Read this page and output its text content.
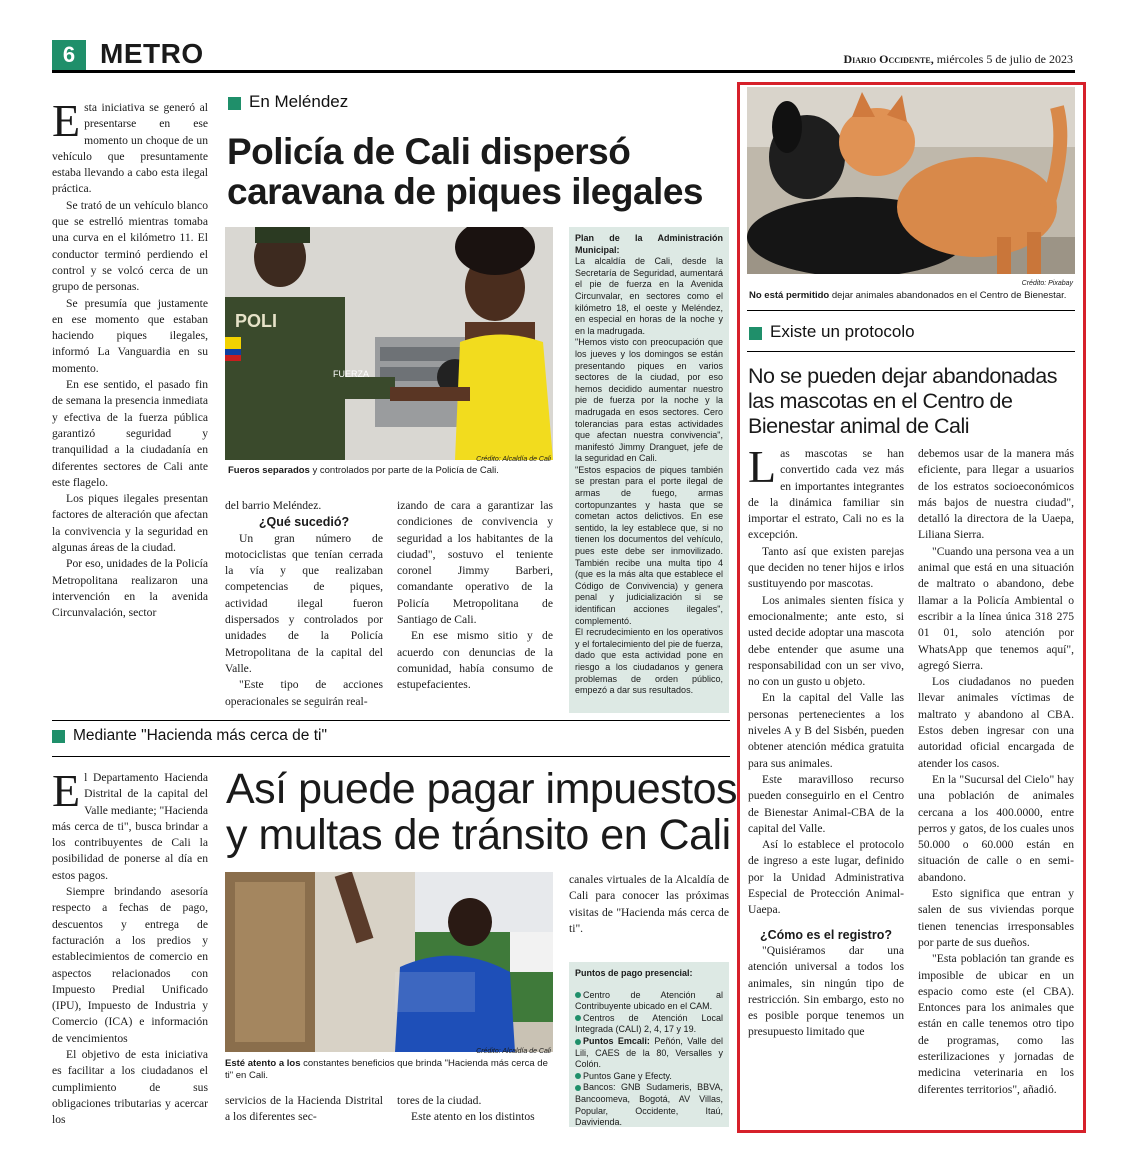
6 METRO	Diario Occidente, miércoles 5 de julio de 2023
En Meléndez
Policía de Cali dispersó
caravana de piques ilegales

Esta iniciativa se generó al presentarse en ese momento un choque de un vehículo que presuntamente estaba llevando a cabo esta ilegal práctica.

Se trató de un vehículo blanco que se estrelló mientras tomaba una curva en el kilómetro 11. El conductor terminó perdiendo el control y se volcó cerca de un grupo de personas.

Se presumía que justamente en ese momento que estaban haciendo piques ilegales, informó La Vanguardia en su momento.

En ese sentido, el pasado fin de semana la presencia inmediata y efectiva de la fuerza pública garantizó seguridad y tranquilidad a la ciudadanía en diferentes sectores de Cali ante este flagelo.

Los piques ilegales presentan factores de alteración que afectan la convivencia y la seguridad en algunas áreas de la ciudad.

Por eso, unidades de la Policía Metropolitana realizaron una intervención en la avenida Circunvalación, sector

POLI
FUERZA
Crédito: Alcaldía de Cali
Fueros separados y controlados por parte de la Policía de Cali.

del barrio Meléndez.

¿Qué sucedió?

Un gran número de motociclistas que tenían cerrada la vía y que realizaban competencias de piques, actividad ilegal fueron dispersados y controlados por unidades de la Policía Metropolitana de la capital del Valle.

"Este tipo de acciones operacionales se seguirán real-

izando de cara a garantizar las condiciones de convivencia y seguridad a los habitantes de la ciudad", sostuvo el teniente coronel Jimmy Barberi, comandante operativo de la Policía Metropolitana de Santiago de Cali.

En ese mismo sitio y de acuerdo con denuncias de la comunidad, había consumo de estupefacientes.

Plan de la Administración Municipal:

La alcaldía de Cali, desde la Secretaría de Seguridad, aumentará el pie de fuerza en la Avenida Circunvalar, en sectores como el kilómetro 18, el oeste y Meléndez, en especial en horas de la noche y en la madrugada.

"Hemos visto con preocupación que los jueves y los domingos se están presentando piques en varios sectores de la ciudad, por eso hemos decidido aumentar nuestro pie de fuerza por la noche y la madrugada en esos sectores. Cero tolerancias para estas actividades que afectan nuestra convivencia", manifestó Jimmy Dranguet, jefe de la seguridad en Cali.

"Estos espacios de piques también se prestan para el porte ilegal de armas de fuego, armas cortopunzantes y hasta que se cometan actos delictivos. En ese sentido, la ley establece que, si no tienen los documentos del vehículo, pues este debe ser inmovilizado. También recibe una multa tipo 4 (que es la más alta que establece el Código de Convivencia) y genera penal y judicialización si se identifican acciones ilegales", complementó.

El recrudecimiento en los operativos y el fortalecimiento del pie de fuerza, dado que esta actividad pone en riesgo a los ciudadanos y genera problemas de orden público, empezó a dar sus resultados.

Mediante "Hacienda más cerca de ti"
Así puede pagar impuestos
y multas de tránsito en Cali

El Departamento Hacienda Distrital de la capital del Valle mediante; "Hacienda más cerca de ti", busca brindar a los contribuyentes de Cali la posibilidad de ponerse al día en estos pagos.

Siempre brindando asesoría respecto a fechas de pago, descuentos y entrega de facturación a los predios y establecimientos de comercio en aspectos relacionados con Impuesto Predial Unificado (IPU), Impuesto de Industria y Comercio (ICA) e información de vencimientos

El objetivo de esta iniciativa es facilitar a los ciudadanos el cumplimiento de sus obligaciones tributarias y acercar los

Crédito: Alcaldía de Cali
Esté atento a los constantes beneficios que brinda "Hacienda más cerca de ti" en Cali.

servicios de la Hacienda Distrital a los diferentes sec-

tores de la ciudad.

Este atento en los distintos

canales virtuales de la Alcaldía de Cali para conocer las próximas visitas de "Hacienda más cerca de ti".

Puntos de pago presencial:

Centro de Atención al Contribuyente ubicado en el CAM.
Centros de Atención Local Integrada (CALI) 2, 4, 17 y 19.
Puntos Emcali: Peñón, Valle del Lili, CAES de la 80, Versalles y Colón.
Puntos Gane y Efecty.
Bancos: GNB Sudameris, BBVA, Bancoomeva, Bogotá, AV Villas, Popular, Occidente, Itaú, Davivienda.
Crédito: Pixabay
No está permitido dejar animales abandonados en el Centro de Bienestar.
Existe un protocolo
No se pueden dejar abandonadas
las mascotas en el Centro de
Bienestar animal de Cali

Las mascotas se han convertido cada vez más en importantes integrantes de la dinámica familiar sin importar el estrato, Cali no es la excepción.

Tanto así que existen parejas que deciden no tener hijos e irlos sustituyendo por mascotas.

Los animales sienten física y emocionalmente; ante esto, si usted decide adoptar una mascota debe entender que asume una responsabilidad con un ser vivo, no con un gusto u objeto.

En la capital del Valle las personas pertenecientes a los niveles A y B del Sisbén, pueden obtener atención médica gratuita para sus animales.

Este maravilloso recurso pueden conseguirlo en el Centro de Bienestar Animal-CBA de la capital del Valle.

Así lo establece el protocolo de ingreso a este lugar, definido por la Unidad Administrativa Especial de Protección Animal-Uaepa.

¿Cómo es el registro?

"Quisiéramos dar una atención universal a todos los animales, sin ningún tipo de restricción. Sin embargo, esto no es posible porque tenemos un presupuesto limitado que

debemos usar de la manera más eficiente, para llegar a usuarios de los estratos socioeconómicos más bajos de nuestra ciudad", detalló la directora de la Uaepa, Liliana Sierra.

"Cuando una persona vea a un animal que está en una situación de maltrato o abandono, debe llamar a la Policía Ambiental o escribir a la línea única 318 275 01 01, solo atención por WhatsApp que tenemos aquí", agregó Sierra.

Los ciudadanos no pueden llevar animales víctimas de maltrato y abandono al CBA. Estos deben ingresar con una autoridad oficial encargada de atender los casos.

En la "Sucursal del Cielo" hay una población de animales cercana a los 400.0000, entre perros y gatos, de los cuales unos 50.000 o 60.000 están en situación de calle o en semi-abandono.

Esto significa que entran y salen de sus viviendas porque tienen tenencias irresponsables por parte de sus dueños.

"Esta población tan grande es imposible de ubicar en un espacio como este (el CBA). Entonces para los animales que están en calle tenemos otro tipo de programas, como las esterilizaciones y jornadas de medicina veterinaria en los diferentes territorios", añadió.
